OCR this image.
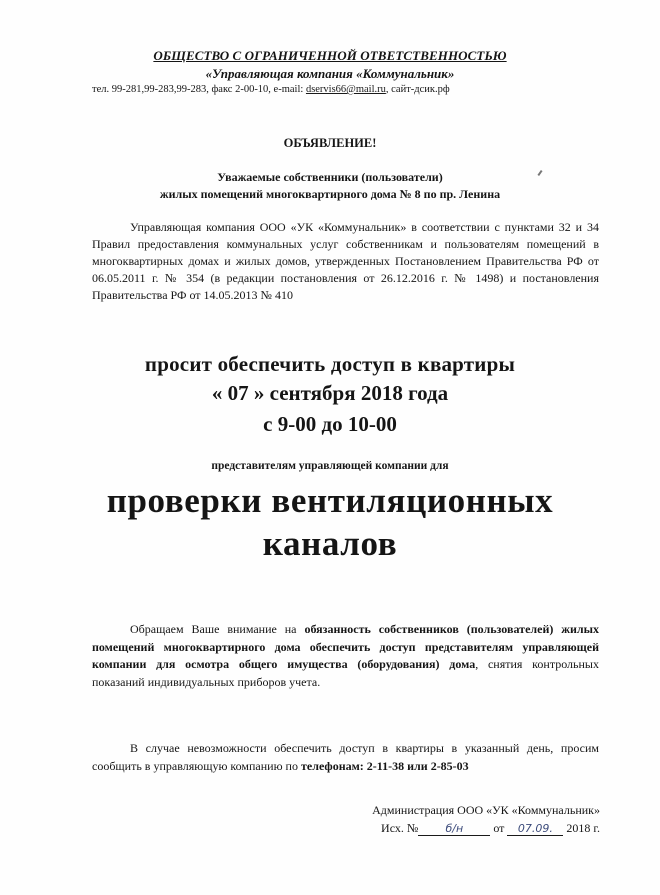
ОБЩЕСТВО С ОГРАНИЧЕННОЙ ОТВЕТСТВЕННОСТЬЮ
«Управляющая компания «Коммунальник»
тел. 99-281,99-283,99-283, факс 2-00-10, e-mail: dservis66@mail.ru, сайт-дсик.рф
ОБЪЯВЛЕНИЕ!
Уважаемые собственники (пользователи)
жилых помещений многоквартирного дома № 8 по пр. Ленина
Управляющая компания ООО «УК «Коммунальник» в соответствии с пунктами 32 и 34 Правил предоставления коммунальных услуг собственникам и пользователям помещений в многоквартирных домах и жилых домов, утвержденных Постановлением Правительства РФ от 06.05.2011 г. № 354 (в редакции постановления от 26.12.2016 г. № 1498) и постановления Правительства РФ от 14.05.2013 № 410
просит обеспечить доступ в квартиры
« 07 » сентября 2018 года
с 9-00 до 10-00
представителям управляющей компании для
проверки вентиляционных
каналов
Обращаем Ваше внимание на обязанность собственников (пользователей) жилых помещений многоквартирного дома обеспечить доступ представителям управляющей компании для осмотра общего имущества (оборудования) дома, снятия контрольных показаний индивидуальных приборов учета.
В случае невозможности обеспечить доступ в квартиры в указанный день, просим сообщить в управляющую компанию по телефонам: 2-11-38 или 2-85-03
Администрация ООО «УК «Коммунальник»
Исх. № б/н	от 07.09. 2018 г.
